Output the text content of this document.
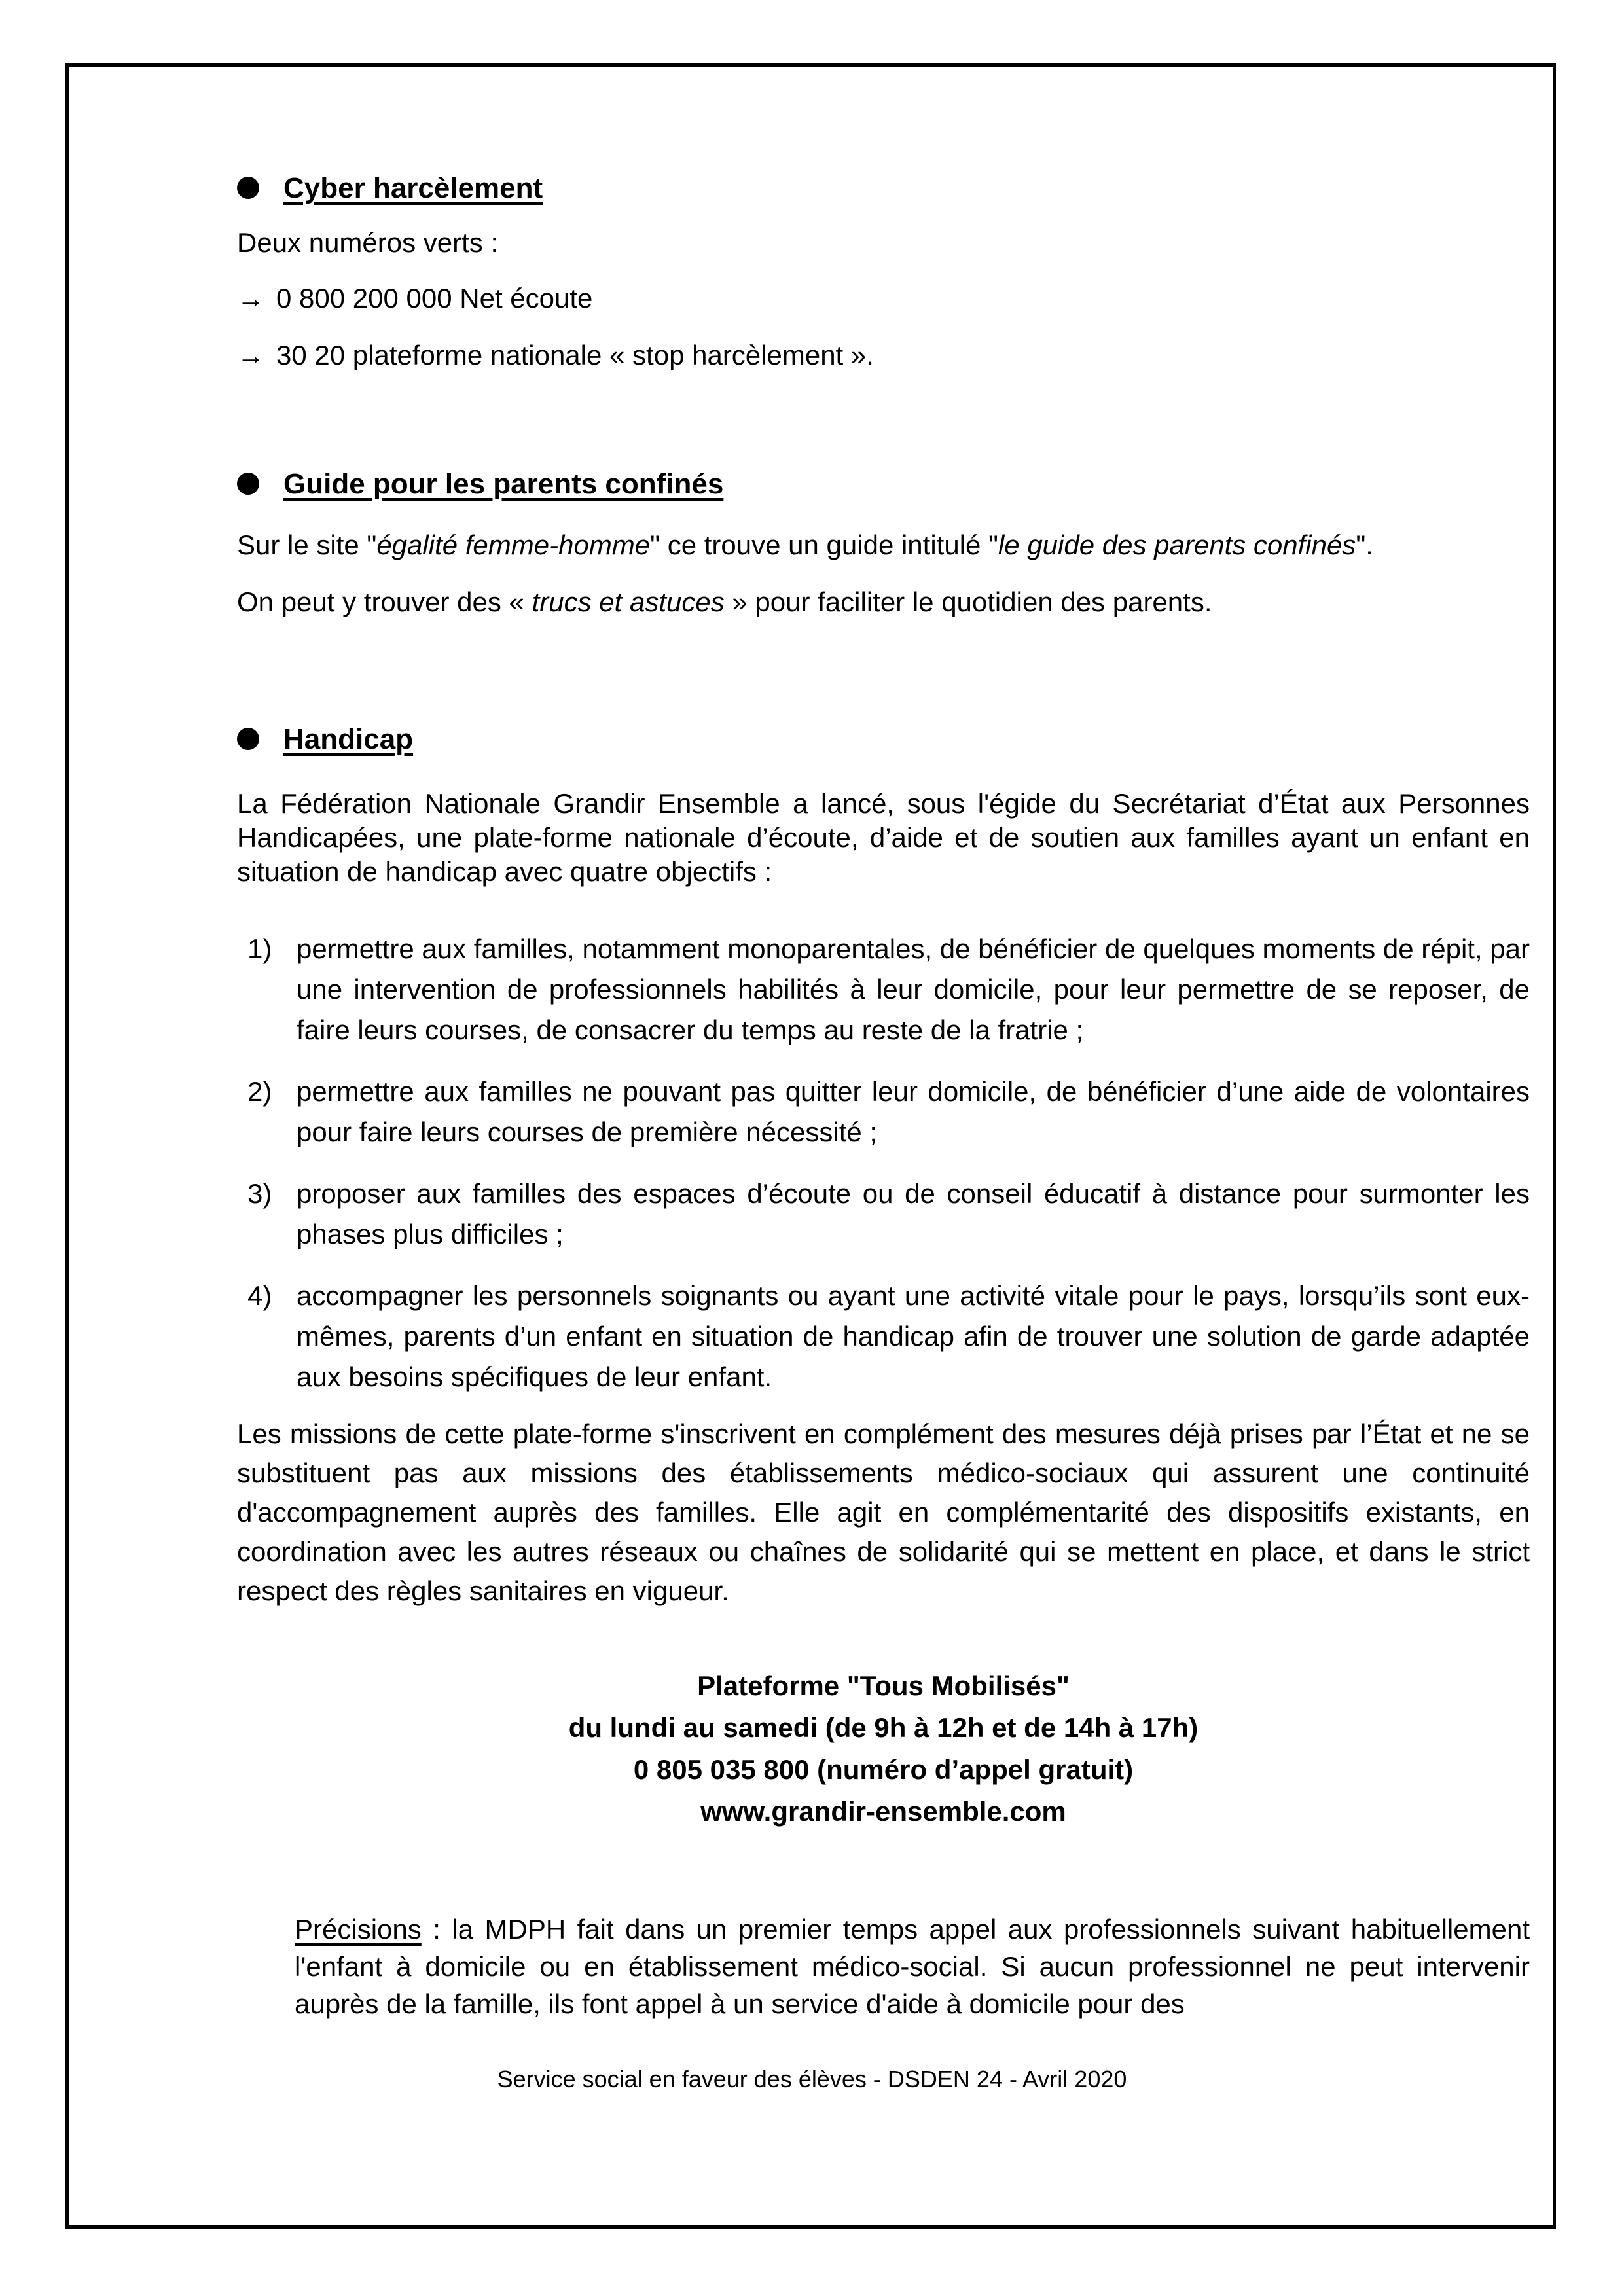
Cyber harcèlement

Deux numéros verts :

→ 0 800 200 000 Net écoute

→ 30 20 plateforme nationale « stop harcèlement ».

Guide pour les parents confinés

Sur le site "égalité femme-homme" ce trouve un guide intitulé "le guide des parents confinés".

On peut y trouver des « trucs et astuces » pour faciliter le quotidien des parents.

Handicap

La Fédération Nationale Grandir Ensemble a lancé, sous l'égide du Secrétariat d’État aux Personnes Handicapées, une plate-forme nationale d’écoute, d’aide et de soutien aux familles ayant un enfant en situation de handicap avec quatre objectifs :

1) permettre aux familles, notamment monoparentales, de bénéficier de quelques moments de répit, par une intervention de professionnels habilités à leur domicile, pour leur permettre de se reposer, de faire leurs courses, de consacrer du temps au reste de la fratrie ;
2) permettre aux familles ne pouvant pas quitter leur domicile, de bénéficier d’une aide de volontaires pour faire leurs courses de première nécessité ;
3) proposer aux familles des espaces d’écoute ou de conseil éducatif à distance pour surmonter les phases plus difficiles ;
4) accompagner les personnels soignants ou ayant une activité vitale pour le pays, lorsqu’ils sont eux-mêmes, parents d’un enfant en situation de handicap afin de trouver une solution de garde adaptée aux besoins spécifiques de leur enfant.

Les missions de cette plate-forme s'inscrivent en complément des mesures déjà prises par l’État et ne se substituent pas aux missions des établissements médico-sociaux qui assurent une continuité d'accompagnement auprès des familles. Elle agit en complémentarité des dispositifs existants, en coordination avec les autres réseaux ou chaînes de solidarité qui se mettent en place, et dans le strict respect des règles sanitaires en vigueur.

Plateforme "Tous Mobilisés"
du lundi au samedi (de 9h à 12h et de 14h à 17h)
0 805 035 800 (numéro d’appel gratuit)
www.grandir-ensemble.com

Précisions : la MDPH fait dans un premier temps appel aux professionnels suivant habituellement l'enfant à domicile ou en établissement médico-social. Si aucun professionnel ne peut intervenir auprès de la famille, ils font appel à un service d'aide à domicile pour des

Service social en faveur des élèves - DSDEN 24 - Avril 2020
